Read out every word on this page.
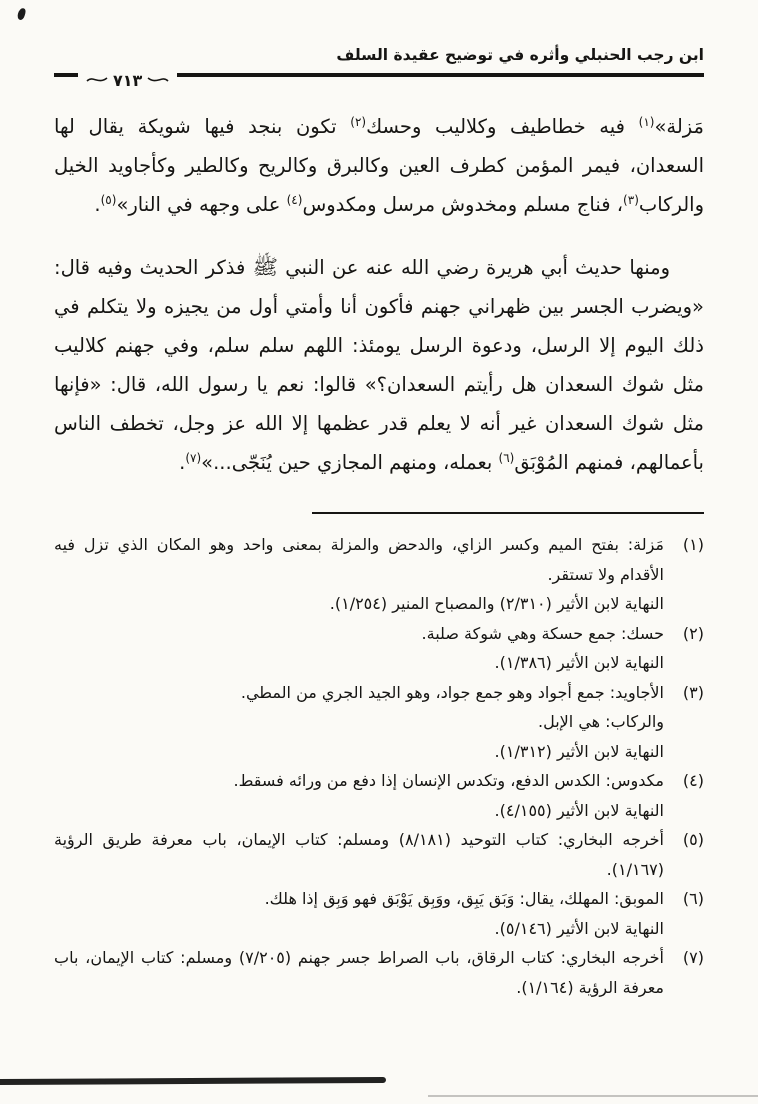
ابن رجب الحنبلي وأثره في توضيح عقيدة السلف
٧١٣

مَزلة»$^{(١)}$ فيه خطاطيف وكلاليب وحسك$^{(٢)}$ تكون بنجد فيها شويكة يقال لها السعدان، فيمر المؤمن كطرف العين وكالبرق وكالريح وكالطير وكأجاويد الخيل والركاب$^{(٣)}$، فناج مسلم ومخدوش مرسل ومكدوس$^{(٤)}$ على وجهه في النار»$^{(٥)}$.

ومنها حديث أبي هريرة رضي الله عنه عن النبي ﷺ فذكر الحديث وفيه قال: «ويضرب الجسر بين ظهراني جهنم فأكون أنا وأمتي أول من يجيزه ولا يتكلم في ذلك اليوم إلا الرسل، ودعوة الرسل يومئذ: اللهم سلم سلم، وفي جهنم كلاليب مثل شوك السعدان هل رأيتم السعدان؟» قالوا: نعم يا رسول الله، قال: «فإنها مثل شوك السعدان غير أنه لا يعلم قدر عظمها إلا الله عز وجل، تخطف الناس بأعمالهم، فمنهم المُوْبَق$^{(٦)}$ بعمله، ومنهم المجازي حين يُنَجّى...»$^{(٧)}$.

(١)مَزلة: بفتح الميم وكسر الزاي، والدحض والمزلة بمعنى واحد وهو المكان الذي تزل فيه الأقدام ولا تستقر.
النهاية لابن الأثير (٢/٣١٠) والمصباح المنير (١/٢٥٤).
(٢)حسك: جمع حسكة وهي شوكة صلبة.
النهاية لابن الأثير (١/٣٨٦).
(٣)الأجاويد: جمع أجواد وهو جمع جواد، وهو الجيد الجري من المطي.
والركاب: هي الإبل.
النهاية لابن الأثير (١/٣١٢).
(٤)مكدوس: الكدس الدفع، وتكدس الإنسان إذا دفع من ورائه فسقط.
النهاية لابن الأثير (٤/١٥٥).
(٥)أخرجه البخاري: كتاب التوحيد (٨/١٨١) ومسلم: كتاب الإيمان، باب معرفة طريق الرؤية (١/١٦٧).
(٦)الموبق: المهلك، يقال: وَبَق يَبِق، ووَبِق يَوْبَق فهو وَبِق إذا هلك.
النهاية لابن الأثير (٥/١٤٦).
(٧)أخرجه البخاري: كتاب الرقاق، باب الصراط جسر جهنم (٧/٢٠٥) ومسلم: كتاب الإيمان، باب معرفة الرؤية (١/١٦٤).
